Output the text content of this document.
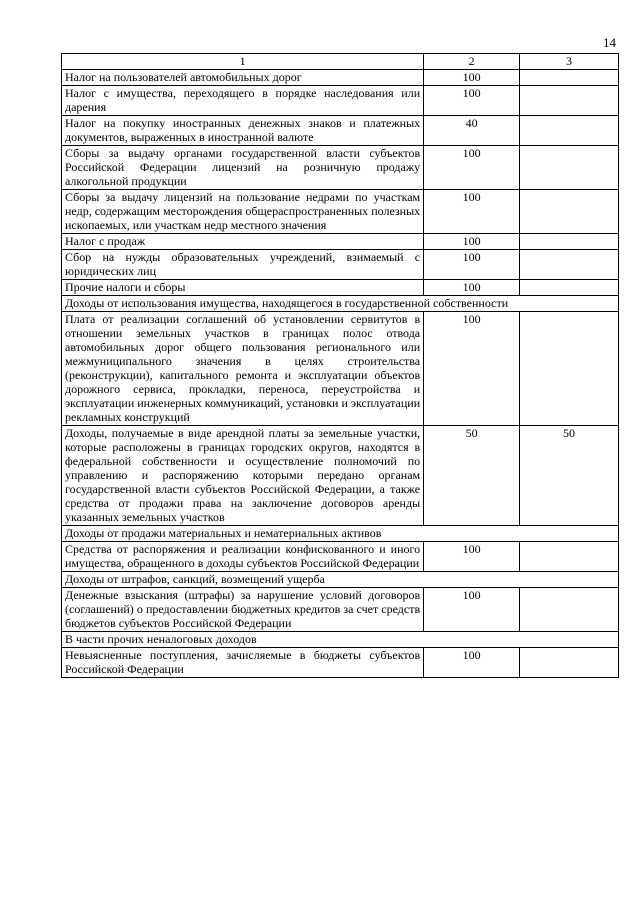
14
1	2	3
Налог на пользователей автомобильных дорог	100	
Налог с имущества, переходящего в порядке наследования или дарения	100	
Налог на покупку иностранных денежных знаков и платежных документов, выраженных в иностранной валюте	40	
Сборы за выдачу органами государственной власти субъектов Российской Федерации лицензий на розничную продажу алкогольной продукции	100	
Сборы за выдачу лицензий на пользование недрами по участкам недр, содержащим месторождения общераспространенных полезных ископаемых, или участкам недр местного значения	100	
Налог с продаж	100	
Сбор на нужды образовательных учреждений, взимаемый с юридических лиц	100	
Прочие налоги и сборы	100	
Доходы от использования имущества, находящегося в государственной собственности		
Плата от реализации соглашений об установлении сервитутов в отношении земельных участков в границах полос отвода автомобильных дорог общего пользования регионального или межмуниципального значения в целях строительства (реконструкции), капитального ремонта и эксплуатации объектов дорожного сервиса, прокладки, переноса, переустройства и эксплуатации инженерных коммуникаций, установки и эксплуатации рекламных конструкций	100	
Доходы, получаемые в виде арендной платы за земельные участки, которые расположены в границах городских округов, находятся в федеральной собственности и осуществление полномочий по управлению и распоряжению которыми передано органам государственной власти субъектов Российской Федерации, а также средства от продажи права на заключение договоров аренды указанных земельных участков	50	50
Доходы от продажи материальных и нематериальных активов		
Средства от распоряжения и реализации конфискованного и иного имущества, обращенного в доходы субъектов Российской Федерации	100	
Доходы от штрафов, санкций, возмещений ущерба		
Денежные взыскания (штрафы) за нарушение условий договоров (соглашений) о предоставлении бюджетных кредитов за счет средств бюджетов субъектов Российской Федерации	100	
В части прочих неналоговых доходов		
Невыясненные поступления, зачисляемые в бюджеты субъектов Российской Федерации	100	
